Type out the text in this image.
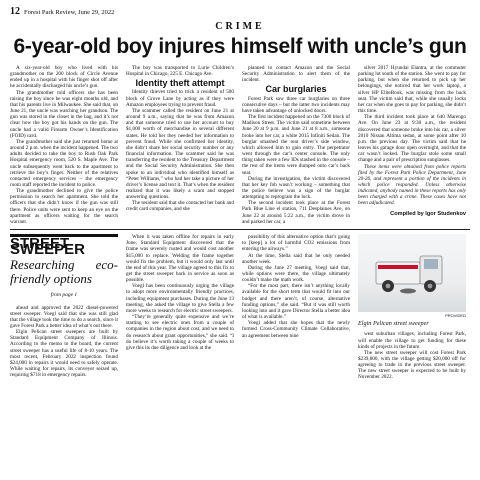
12 Forest Park Review, June 29, 2022
CRIME
6-year-old boy injures himself with uncle’s gun

A six-year-old boy who lived with his grandmother on the 200 block of Circle Avenue ended up in a hospital with his finger shot off after he accidentally discharged his uncle’s gun.

The grandmother told officers she has been raising the boy since he was eight months old, and that his parents live in Milwaukee. She said that, on June 21, the uncle was watching her grandson. The gun was stored in the closet in the bag, and it’s not clear how the boy got his hands on the gun. The uncle had a valid Firearm Owner’s Identification (FOID) card.

The grandmother said she just returned home at around 2 p.m. when the incident happened. The two adults decided to take the boy to Rush Oak Park Hospital emergency room, 520 S. Maple Ave. The uncle subsequently went back to the apartment to retrieve the boy’s finger. Neither of the relatives contacted emergency services – the emergency room staff reported the incident to police.

The grandmother declined to give the police permission to search her apartment. She told the officers that she didn’t know if the gun was still there. Police units were sent to keep an eye on the apartment as officers waiting for the search warrant.

The boy was transported to Lurie Children’s Hospital in Chicago, 225 E. Chicago Ave.

Identity theft attempt

Identity thieves tried to trick a resident of 500 block of Grove Lane by acting as if they were Amazon employees trying to prevent fraud.

The scammer called the resident on June 21 at around 9 a.m., saying that he was from Amazon and that someone tried to use her account to buy $1,000 worth of merchandise in several different states. He told her they needed her information to prevent fraud. While she confirmed her identity, she didn’t share her social security number or any financial information. The scammer said he was transferring the resident to the Treasury Department and the Social Security Administration. She then spoke to an individual who identified himself as “Peter Williams,” who had her take a picture of her driver’s license and text it. That’s when the resident realized that it was likely a scam and stopped answering questions.

The resident said that she contacted her bank and credit card companies, and she

planned to contact Amazon and the Social Security Administration to alert them of the incident.

Car burglaries

Forest Park saw three car burglaries on three consecutive days – but the latter two incidents may have taken advantage of unlocked doors.

The first incident happened on the 7300 block of Madison Street. The victim said sometime between June 20 at 9 p.m. and June 21 at 8 a.m., someone broke into her car, a white 2015 Infiniti Sedan. The burglar smashed the rear driver’s side window, which allowed him to gain entry. The perpetrator went through the car’s center console. The only thing taken were a few IDs stashed in the console – the rest of the items were dumped onto car’s back seat.

During the investigation, the victim discovered that her key fob wasn’t working – something that the police believe was a sign of the burglar attempting to reprogram the lock.

The second incident took place at the Forest Park Blue Line el station, 711 Desplaines Ave, on June 22 at around 5:22 a.m., the victim drove in and parked her car, a

silver 2017 Hyundai Elantra, at the commuter parking lot south of the station. She went to pay for parking, but when she returned to pick up her belongings, she noticed that her work laptop, a silver HP EliteBook, was missing from the back seat. The victim said that, while she usually locks her car when she goes to pay for parking, she didn’t this time.

The third incident took place at 640 Marengo Ave. On June 23 at 9:30 a.m., the resident discovered that someone broke into his car, a silver 2010 Nissan Altima sedan, at some point after 10 p.m. the previous day. The victim said that he leaves his garage door open overnight, and that the car wasn’t locked. The burglar stole some small change and a pair of prescription sunglasses.

These items were obtained from police reports filed by the Forest Park Police Department, June 20-26, and represent a portion of the incidents in which police responded. Unless otherwise indicated, anybody named in these reports has only been charged with a crime. These cases have not been adjudicated.

Compiled by Igor Studenkov
STREET SWEEPER
Researching eco-friendly options
from page 1

ahead and approved the 2022 diesel-powered street sweeper. Voegl said that she was still glad that the village took the time to do a search, since it gave Forest Park a better idea of what’s out there.

Elgin Pelican street sweepers are built by Standard Equipment Company of Illinois. According to the memo to the board, the current street sweeper has a useful life of 8-10 years. The most recent, February 2022 inspection found $24,000 in repairs it would need to safely operate. While waiting for repairs, its conveyer seized up, requiring $718 in emergency repairs.

When it was taken offline for repairs in early June, Standard Equipment discovered that the frame was severely rusted and would cost another $15,000 to replace. Welding the frame together would fix the problem, but it would only last until the end of this year. The village agreed to this fix to get the street sweeper back in service as soon as possible.

Voegl has been continuously urging the village to adopt more environmentally friendly practices, including equipment purchases. During the June 13 meeting, she asked the village to give Stella a few more weeks to research for electric street sweepers.

“They’re generally quite expensive and we’re starting to see electric ones from a couple of companies in the region about cost, and we need to do research about grant opportunities,” she said. “I do believe it’s worth taking a couple of weeks to give this its due diligence and look at the

possibility of this alternative option that’s going to [keep] a lot of harmful CO2 emissions from entering the airways.”

At the time, Stella said that he only needed another week.

During the June 27 meeting, Voegl said that, while options were there, the village ultimately couldn’t make the math work.

“For the most part, there isn’t anything locally available for the short term that would fit into our budget and there aren’t, of course, alternative funding options,” she said. “But it was still worth looking into and it gave Director Stella a better idea of what is available.”

Voegl added that she hopes that the newly formed Cross-Community Climate Collaborative, an agreement between nine

PROVIDED
Elgin Pelican street sweeper

west suburban villages, including Forest Park, will enable the village to get funding for these kinds of projects in the future.

The new street sweeper will cost Forest Park $239,800, with the village getting $20,000 off for agreeing to trade in the previous street sweeper. The new street sweeper is expected to be built by November 2022.
